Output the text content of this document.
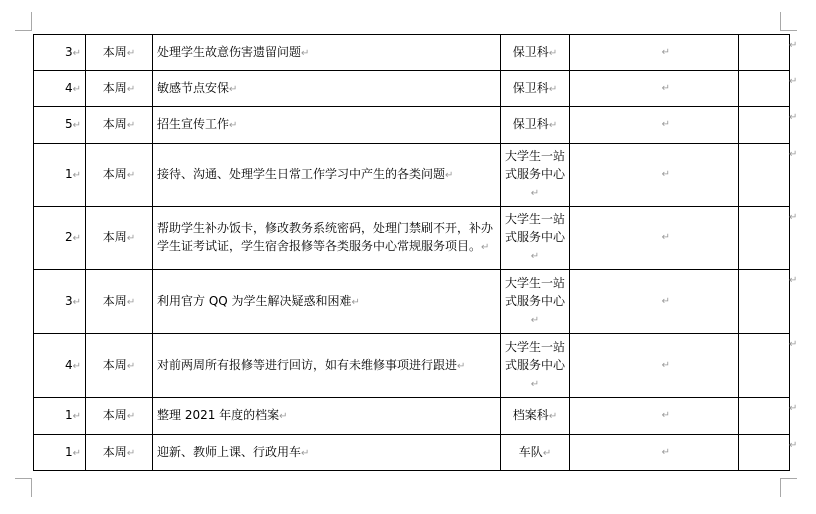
3↵	本周↵	处理学生故意伤害遗留问题↵	保卫科↵	↵	

4↵	本周↵	敏感节点安保↵	保卫科↵	↵	

5↵	本周↵	招生宣传工作↵	保卫科↵	↵	

1↵	本周↵	接待、沟通、处理学生日常工作学习中产生的各类问题↵	大学生一站式服务中心↵	↵	

2↵	本周↵	帮助学生补办饭卡，修改教务系统密码，处理门禁刷不开，补办学生证考试证，学生宿舍报修等各类服务中心常规服务项目。↵	大学生一站式服务中心↵	↵	

3↵	本周↵	利用官方 QQ 为学生解决疑惑和困难↵	大学生一站式服务中心↵	↵	

4↵	本周↵	对前两周所有报修等进行回访，如有未维修事项进行跟进↵	大学生一站式服务中心↵	↵	

1↵	本周↵	整理 2021 年度的档案↵	档案科↵	↵	

1↵	本周↵	迎新、教师上课、行政用车↵	车队↵	↵	

↵
↵
↵
↵
↵
↵
↵
↵
↵
